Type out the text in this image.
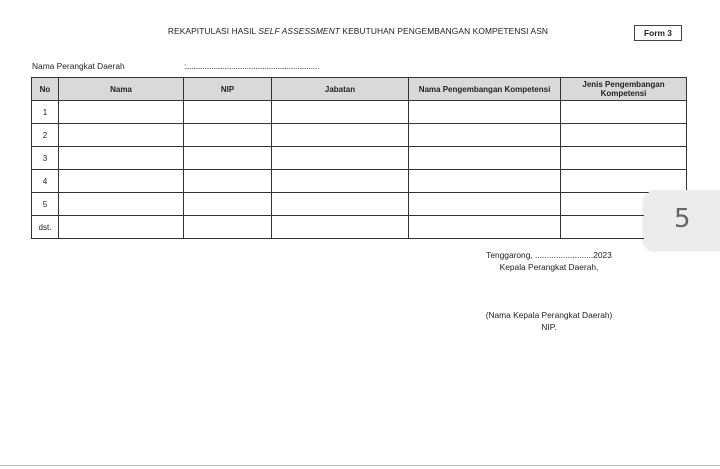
REKAPITULASI HASIL SELF ASSESSMENT KEBUTUHAN PENGEMBANGAN KOMPETENSI ASN	Form 3
Nama Perangkat Daerah	:.........................................................................
No	Nama	NIP	Jabatan	Nama Pengembangan Kompetensi	Jenis Pengembangan Kompetensi
1					
2					
3					
4					
5					
dst.						5
Tenggarong, .........................2023
Kepala Perangkat Daerah,
(Nama Kepala Perangkat Daerah)
NIP.
